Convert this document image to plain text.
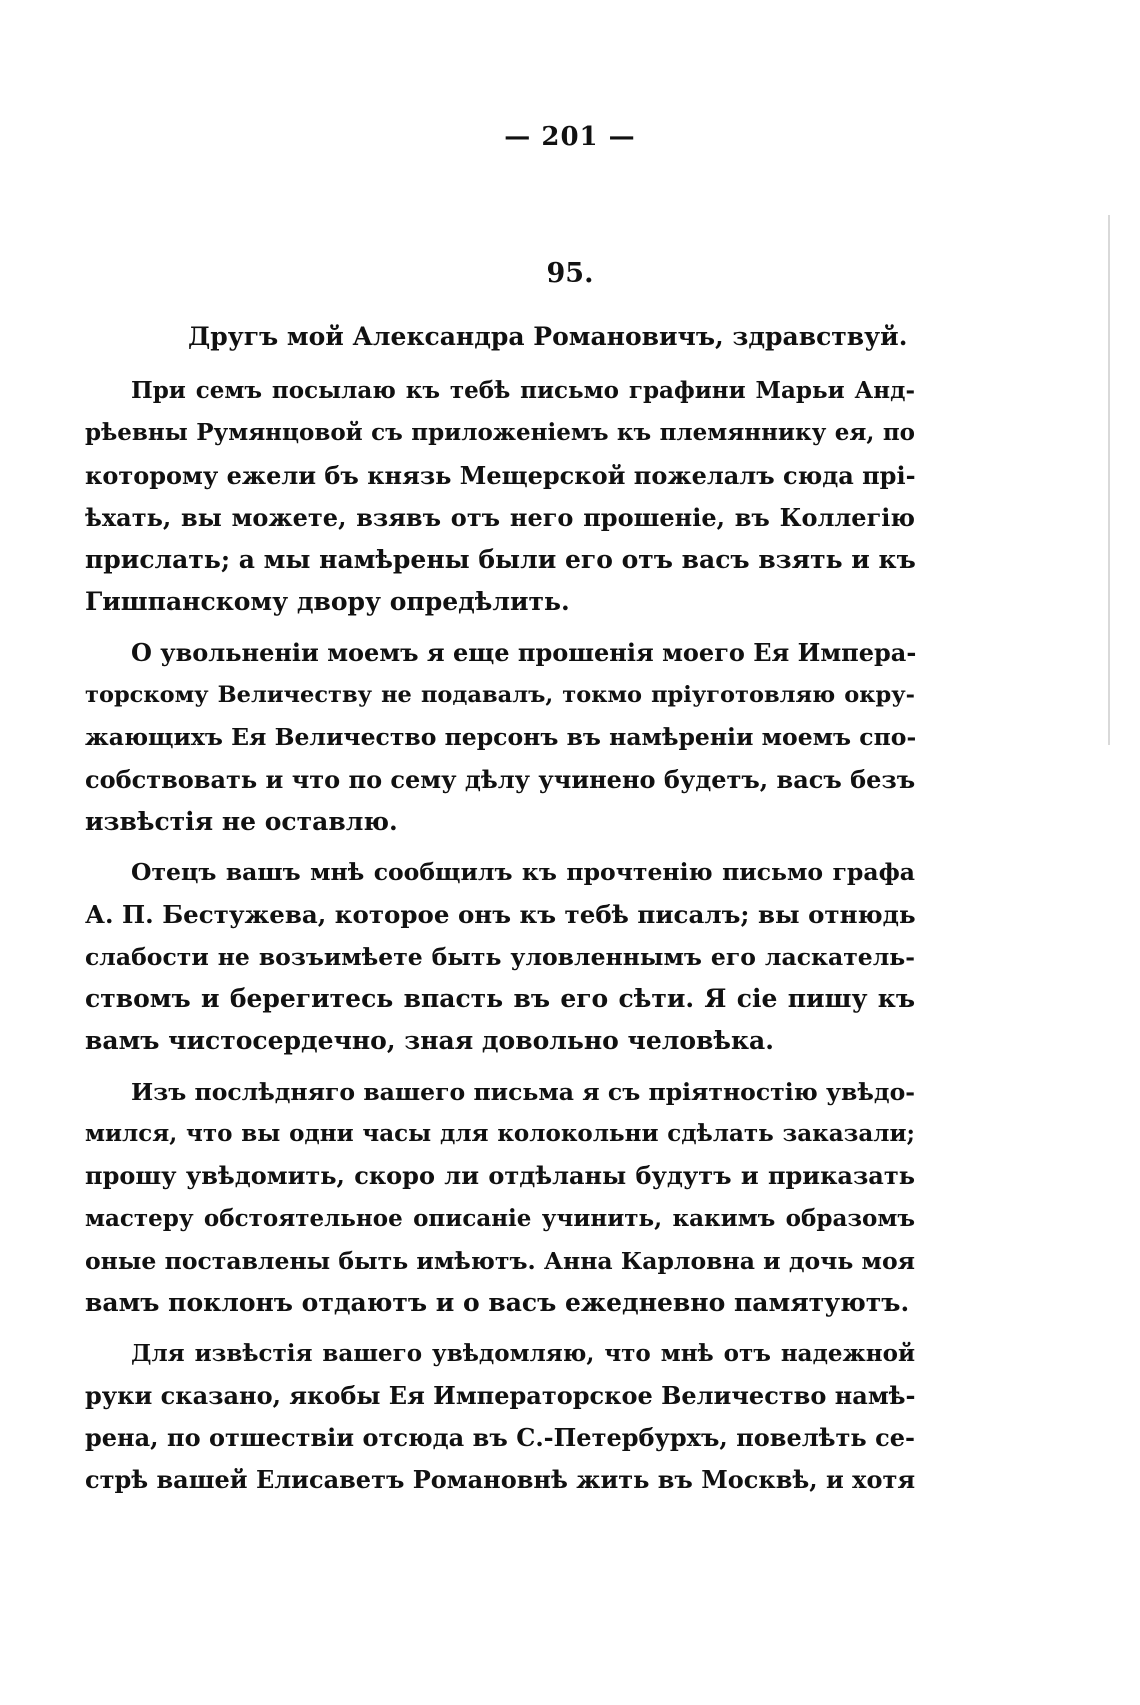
— 201 —
95.
Другъ мой Александра Романовичъ, здравствуй.
При семъ посылаю къ тебѣ письмо графини Марьи Анд-
рѣевны Румянцовой съ приложеніемъ къ племяннику ея, по
которому ежели бъ князь Мещерской пожелалъ сюда прі-
ѣхать, вы можете, взявъ отъ него прошеніе, въ Коллегію
прислать; а мы намѣрены были его отъ васъ взять и къ
Гишпанскому двору опредѣлить.
О увольненіи моемъ я еще прошенія моего Ея Импера-
торскому Величеству не подавалъ, токмо пріуготовляю окру-
жающихъ Ея Величество персонъ въ намѣреніи моемъ спо-
собствовать и что по сему дѣлу учинено будетъ, васъ безъ
извѣстія не оставлю.
Отецъ вашъ мнѣ сообщилъ къ прочтенію письмо графа
А. П. Бестужева, которое онъ къ тебѣ писалъ; вы отнюдь
слабости не возъимѣете быть уловленнымъ его ласкатель-
ствомъ и берегитесь впасть въ его сѣти. Я сіе пишу къ
вамъ чистосердечно, зная довольно человѣка.
Изъ послѣдняго вашего письма я съ пріятностію увѣдо-
мился, что вы одни часы для колокольни сдѣлать заказали;
прошу увѣдомить, скоро ли отдѣланы будутъ и приказать
мастеру обстоятельное описаніе учинить, какимъ образомъ
оные поставлены быть имѣютъ. Анна Карловна и дочь моя
вамъ поклонъ отдаютъ и о васъ ежедневно памятуютъ.
Для извѣстія вашего увѣдомляю, что мнѣ отъ надежной
руки сказано, якобы Ея Императорское Величество намѣ-
рена, по отшествіи отсюда въ С.-Петербурхъ, повелѣть се-
стрѣ вашей Елисаветъ Романовнѣ жить въ Москвѣ, и хотя
